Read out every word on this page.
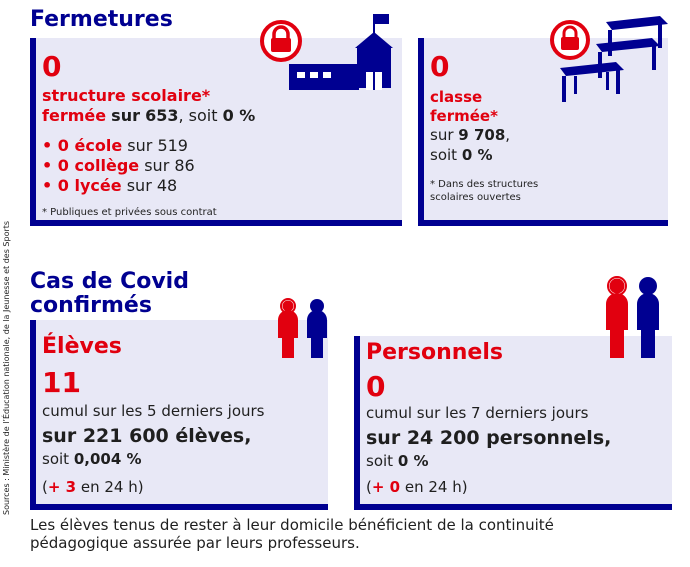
Sources : Ministère de l’Éducation nationale, de la Jeunesse et des Sports
Fermetures
0
structure scolaire*
fermée sur 653, soit 0 %
• 0 école sur 519
• 0 collège sur 86
• 0 lycée sur 48
* Publiques et privées sous contrat
0
classe
fermée*
sur 9 708,
soit 0 %
* Dans des structures
scolaires ouvertes
Cas de Covid
confirmés
Élèves
11
cumul sur les 5 derniers jours
sur 221 600 élèves,
soit 0,004 %
(+ 3 en 24 h)
Personnels
0
cumul sur les 7 derniers jours
sur 24 200 personnels,
soit 0 %
(+ 0 en 24 h)
Les élèves tenus de rester à leur domicile bénéficient de la continuité
pédagogique assurée par leurs professeurs.
